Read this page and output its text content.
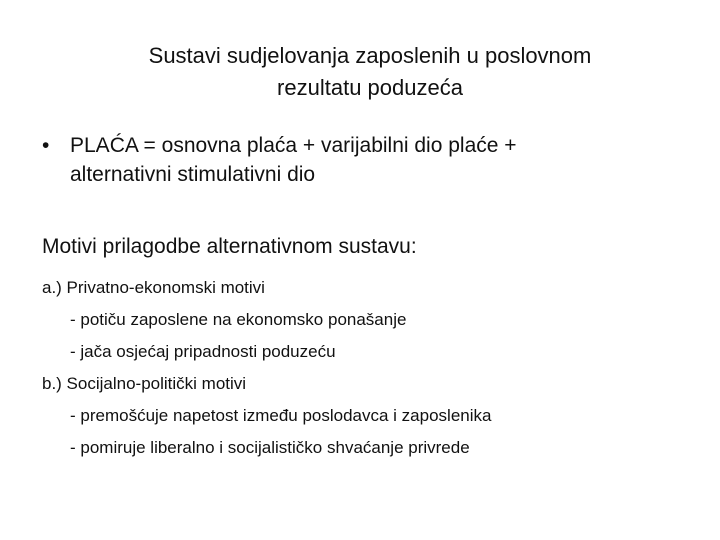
Sustavi sudjelovanja zaposlenih u poslovnom
rezultatu poduzeća
• PLAĆA = osnovna plaća + varijabilni dio plaće +
alternativni stimulativni dio
Motivi prilagodbe alternativnom sustavu:
a.) Privatno-ekonomski motivi
- potiču zaposlene na ekonomsko ponašanje
- jača osjećaj pripadnosti poduzeću
b.) Socijalno-politički motivi
- premošćuje napetost između poslodavca i zaposlenika
- pomiruje liberalno i socijalističko shvaćanje privrede
